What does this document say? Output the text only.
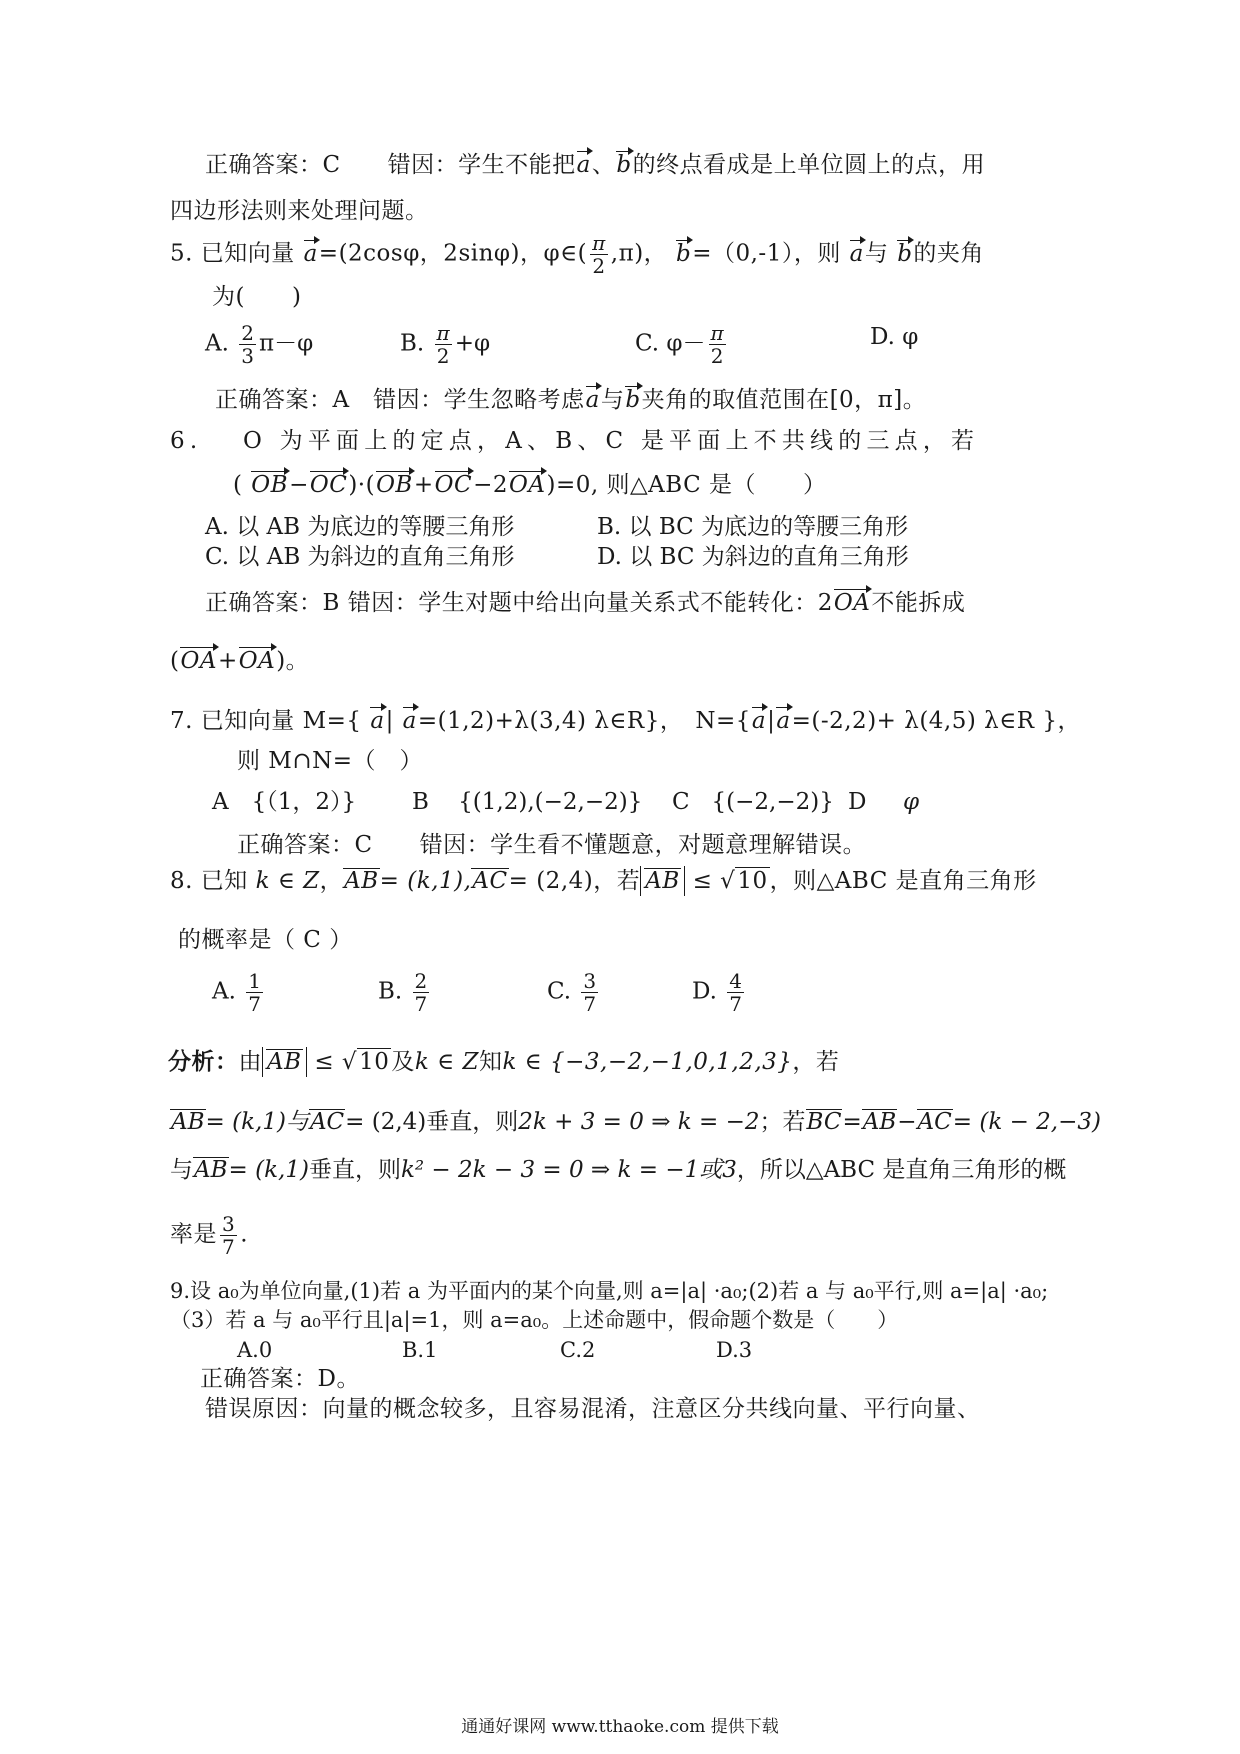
正确答案：C　　错因：学生不能把a、b的终点看成是上单位圆上的点，用
四边形法则来处理问题。
5. 已知向量 a=(2cosφ，2sinφ)，φ∈( $\frac{\pi}{2} ,\pi$)， b=（0,-1），则 a与 b的夹角
为(　　)
A. $\frac{2}{3} \pi-\varphi$	B. $\frac{\pi}{2} +\varphi$	C. $\varphi- \frac{\pi}{2}$	D. φ
正确答案：A　错因：学生忽略考虑a与b夹角的取值范围在[0，π]。
6.　 O 为平面上的定点，A、B、C 是平面上不共线的三点，若
( OB−OC)·(OB+OC−2OA)=0, 则△ABC 是（　　）
A. 以 AB 为底边的等腰三角形	B. 以 BC 为底边的等腰三角形
C. 以 AB 为斜边的直角三角形	D. 以 BC 为斜边的直角三角形
正确答案：B 错因：学生对题中给出向量关系式不能转化：2OA不能拆成
(OA+OA)。
7. 已知向量 M={ a| a=(1,2)+λ(3,4) λ∈R}，　N={a|a=(-2,2)+ λ(4,5) λ∈R }，
则 M∩N=（　）
A　{（1，2）} B {(1,2),(−2,−2)} C {(−2,−2)} D φ
正确答案：C　　错因：学生看不懂题意，对题意理解错误。
8. 已知 k ∈ Z，AB= (k,1),AC= (2,4)，若 AB ≤ √10，则△ABC 是直角三角形
的概率是（ C ）
A. $\frac{1}{7}$	B. $\frac{2}{7}$	C. $\frac{3}{7}$	D. $\frac{4}{7}$
分析：由 AB ≤ √10及k ∈ Z知k ∈ {−3,−2,−1,0,1,2,3}，若
AB= (k,1)与AC= (2,4)垂直，则2k + 3 = 0 ⇒ k = −2；若BC=AB−AC= (k − 2,−3)
与AB= (k,1)垂直，则k² − 2k − 3 = 0 ⇒ k = −1或3，所以△ABC 是直角三角形的概
率是 $\frac{3}{7}$ .
9.设 a₀为单位向量,(1)若 a 为平面内的某个向量,则 a=|a| ·a₀;(2)若 a 与 a₀平行,则 a=|a| ·a₀;
（3）若 a 与 a₀平行且|a|=1，则 a=a₀。上述命题中，假命题个数是（　　）
A.0	B.1	C.2	D.3
正确答案：D。
错误原因：向量的概念较多，且容易混淆，注意区分共线向量、平行向量、
通通好课网 www.tthaoke.com 提供下载
